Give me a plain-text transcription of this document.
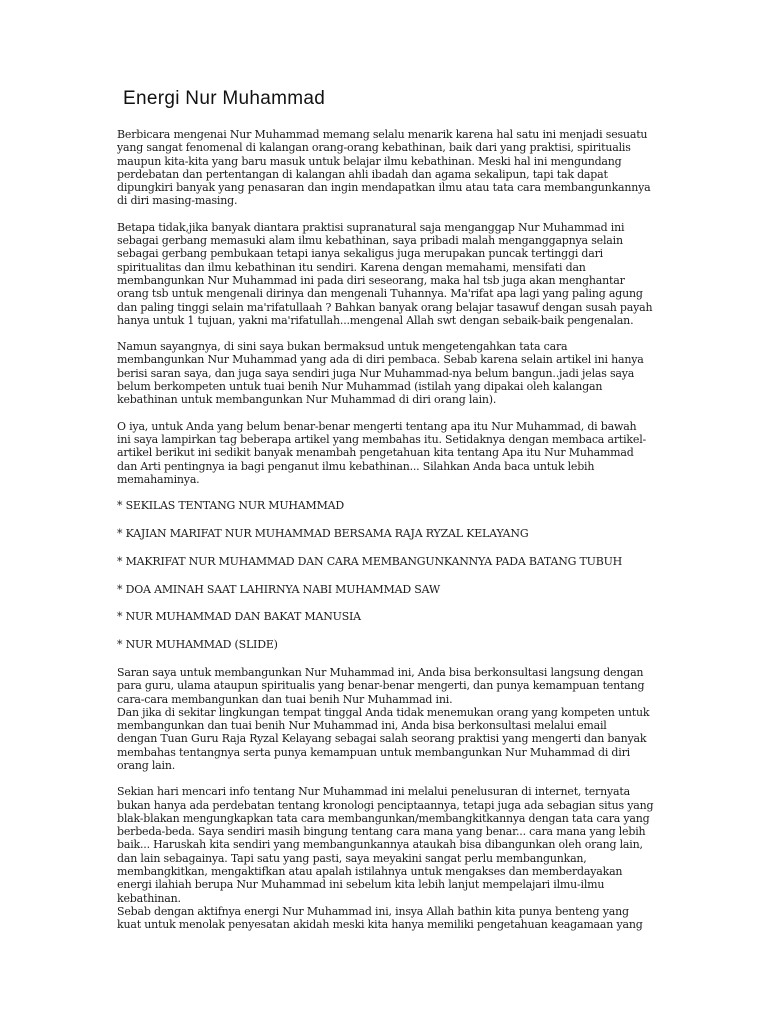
Energi Nur Muhammad
Berbicara mengenai Nur Muhammad memang selalu menarik karena hal satu ini menjadi sesuatu
yang sangat fenomenal di kalangan orang-orang kebathinan, baik dari yang praktisi, spiritualis
maupun kita-kita yang baru masuk untuk belajar ilmu kebathinan. Meski hal ini mengundang
perdebatan dan pertentangan di kalangan ahli ibadah dan agama sekalipun, tapi tak dapat
dipungkiri banyak yang penasaran dan ingin mendapatkan ilmu atau tata cara membangunkannya
di diri masing-masing.
Betapa tidak,jika banyak diantara praktisi supranatural saja menganggap Nur Muhammad ini
sebagai gerbang memasuki alam ilmu kebathinan, saya pribadi malah menganggapnya selain
sebagai gerbang pembukaan tetapi ianya sekaligus juga merupakan puncak tertinggi dari
spiritualitas dan ilmu kebathinan itu sendiri. Karena dengan memahami, mensifati dan
membangunkan Nur Muhammad ini pada diri seseorang, maka hal tsb juga akan menghantar
orang tsb untuk mengenali dirinya dan mengenali Tuhannya. Ma'rifat apa lagi yang paling agung
dan paling tinggi selain ma'rifatullaah ? Bahkan banyak orang belajar tasawuf dengan susah payah
hanya untuk 1 tujuan, yakni ma'rifatullah...mengenal Allah swt dengan sebaik-baik pengenalan.
Namun sayangnya, di sini saya bukan bermaksud untuk mengetengahkan tata cara
membangunkan Nur Muhammad yang ada di diri pembaca. Sebab karena selain artikel ini hanya
berisi saran saya, dan juga saya sendiri juga Nur Muhammad-nya belum bangun..jadi jelas saya
belum berkompeten untuk tuai benih Nur Muhammad (istilah yang dipakai oleh kalangan
kebathinan untuk membangunkan Nur Muhammad di diri orang lain).
O iya, untuk Anda yang belum benar-benar mengerti tentang apa itu Nur Muhammad, di bawah
ini saya lampirkan tag beberapa artikel yang membahas itu. Setidaknya dengan membaca artikel-
artikel berikut ini sedikit banyak menambah pengetahuan kita tentang Apa itu Nur Muhammad
dan Arti pentingnya ia bagi penganut ilmu kebathinan... Silahkan Anda baca untuk lebih
memahaminya.
* SEKILAS TENTANG NUR MUHAMMAD
* KAJIAN MARIFAT NUR MUHAMMAD BERSAMA RAJA RYZAL KELAYANG
* MAKRIFAT NUR MUHAMMAD DAN CARA MEMBANGUNKANNYA PADA BATANG TUBUH
* DOA AMINAH SAAT LAHIRNYA NABI MUHAMMAD SAW
* NUR MUHAMMAD DAN BAKAT MANUSIA
* NUR MUHAMMAD (SLIDE)
Saran saya untuk membangunkan Nur Muhammad ini, Anda bisa berkonsultasi langsung dengan
para guru, ulama ataupun spiritualis yang benar-benar mengerti, dan punya kemampuan tentang
cara-cara membangunkan dan tuai benih Nur Muhammad ini.
Dan jika di sekitar lingkungan tempat tinggal Anda tidak menemukan orang yang kompeten untuk
membangunkan dan tuai benih Nur Muhammad ini, Anda bisa berkonsultasi melalui email
dengan Tuan Guru Raja Ryzal Kelayang sebagai salah seorang praktisi yang mengerti dan banyak
membahas tentangnya serta punya kemampuan untuk membangunkan Nur Muhammad di diri
orang lain.
Sekian hari mencari info tentang Nur Muhammad ini melalui penelusuran di internet, ternyata
bukan hanya ada perdebatan tentang kronologi penciptaannya, tetapi juga ada sebagian situs yang
blak-blakan mengungkapkan tata cara membangunkan/membangkitkannya dengan tata cara yang
berbeda-beda. Saya sendiri masih bingung tentang cara mana yang benar... cara mana yang lebih
baik... Haruskah kita sendiri yang membangunkannya ataukah bisa dibangunkan oleh orang lain,
dan lain sebagainya. Tapi satu yang pasti, saya meyakini sangat perlu membangunkan,
membangkitkan, mengaktifkan atau apalah istilahnya untuk mengakses dan memberdayakan
energi ilahiah berupa Nur Muhammad ini sebelum kita lebih lanjut mempelajari ilmu-ilmu
kebathinan.
Sebab dengan aktifnya energi Nur Muhammad ini, insya Allah bathin kita punya benteng yang
kuat untuk menolak penyesatan akidah meski kita hanya memiliki pengetahuan keagamaan yang
